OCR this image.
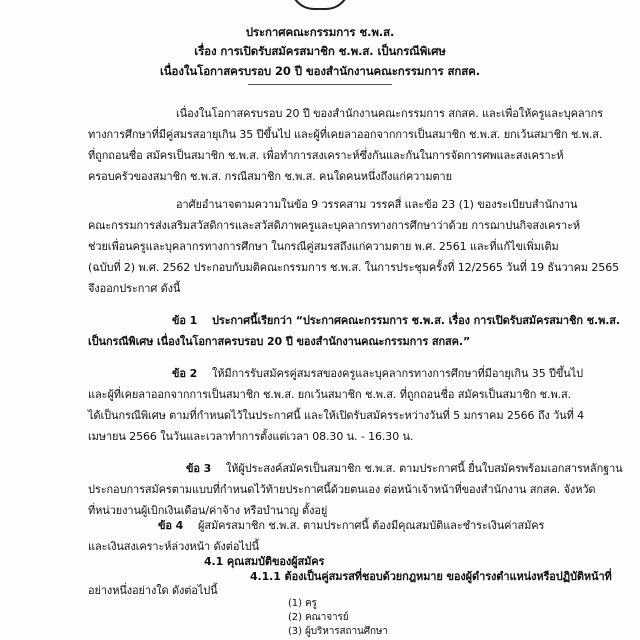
ประกาศคณะกรรมการ ช.พ.ส.
เรื่อง การเปิดรับสมัครสมาชิก ช.พ.ส. เป็นกรณีพิเศษ
เนื่องในโอกาสครบรอบ 20 ปี ของสำนักงานคณะกรรมการ สกสค.
เนื่องในโอกาสครบรอบ 20 ปี ของสำนักงานคณะกรรมการ สกสค. และเพื่อให้ครูและบุคลากร
ทางการศึกษาที่มีคู่สมรสอายุเกิน 35 ปีขึ้นไป และผู้ที่เคยลาออกจากการเป็นสมาชิก ช.พ.ส. ยกเว้นสมาชิก ช.พ.ส.
ที่ถูกถอนชื่อ สมัครเป็นสมาชิก ช.พ.ส. เพื่อทำการสงเคราะห์ซึ่งกันและกันในการจัดการศพและสงเคราะห์
ครอบครัวของสมาชิก ช.พ.ส. กรณีสมาชิก ช.พ.ส. คนใดคนหนึ่งถึงแก่ความตาย
อาศัยอำนาจตามความในข้อ 9 วรรคสาม วรรคสี่ และข้อ 23 (1) ของระเบียบสำนักงาน
คณะกรรมการส่งเสริมสวัสดิการและสวัสดิภาพครูและบุคลากรทางการศึกษาว่าด้วย การฌาปนกิจสงเคราะห์
ช่วยเพื่อนครูและบุคลากรทางการศึกษา ในกรณีคู่สมรสถึงแก่ความตาย พ.ศ. 2561 และที่แก้ไขเพิ่มเติม
(ฉบับที่ 2) พ.ศ. 2562 ประกอบกับมติคณะกรรมการ ช.พ.ส. ในการประชุมครั้งที่ 12/2565 วันที่ 19 ธันวาคม 2565
จึงออกประกาศ ดังนี้
ข้อ 1 ประกาศนี้เรียกว่า “ประกาศคณะกรรมการ ช.พ.ส. เรื่อง การเปิดรับสมัครสมาชิก ช.พ.ส.
เป็นกรณีพิเศษ เนื่องในโอกาสครบรอบ 20 ปี ของสำนักงานคณะกรรมการ สกสค.”
ข้อ 2 ให้มีการรับสมัครคู่สมรสของครูและบุคลากรทางการศึกษาที่มีอายุเกิน 35 ปีขึ้นไป
และผู้ที่เคยลาออกจากการเป็นสมาชิก ช.พ.ส. ยกเว้นสมาชิก ช.พ.ส. ที่ถูกถอนชื่อ สมัครเป็นสมาชิก ช.พ.ส.
ได้เป็นกรณีพิเศษ ตามที่กำหนดไว้ในประกาศนี้ และให้เปิดรับสมัครระหว่างวันที่ 5 มกราคม 2566 ถึง วันที่ 4
เมษายน 2566 ในวันและเวลาทำการตั้งแต่เวลา 08.30 น. - 16.30 น.
ข้อ 3 ให้ผู้ประสงค์สมัครเป็นสมาชิก ช.พ.ส. ตามประกาศนี้ ยื่นใบสมัครพร้อมเอกสารหลักฐาน
ประกอบการสมัครตามแบบที่กำหนดไว้ท้ายประกาศนี้ด้วยตนเอง ต่อหน้าเจ้าหน้าที่ของสำนักงาน สกสค. จังหวัด
ที่หน่วยงานผู้เบิกเงินเดือน/ค่าจ้าง หรือบำนาญ ตั้งอยู่
ข้อ 4 ผู้สมัครสมาชิก ช.พ.ส. ตามประกาศนี้ ต้องมีคุณสมบัติและชำระเงินค่าสมัคร
และเงินสงเคราะห์ล่วงหน้า ดังต่อไปนี้
4.1 คุณสมบัติของผู้สมัคร
4.1.1 ต้องเป็นคู่สมรสที่ชอบด้วยกฎหมาย ของผู้ดำรงตำแหน่งหรือปฏิบัติหน้าที่
อย่างหนึ่งอย่างใด ดังต่อไปนี้
(1) ครู
(2) คณาจารย์
(3) ผู้บริหารสถานศึกษา
